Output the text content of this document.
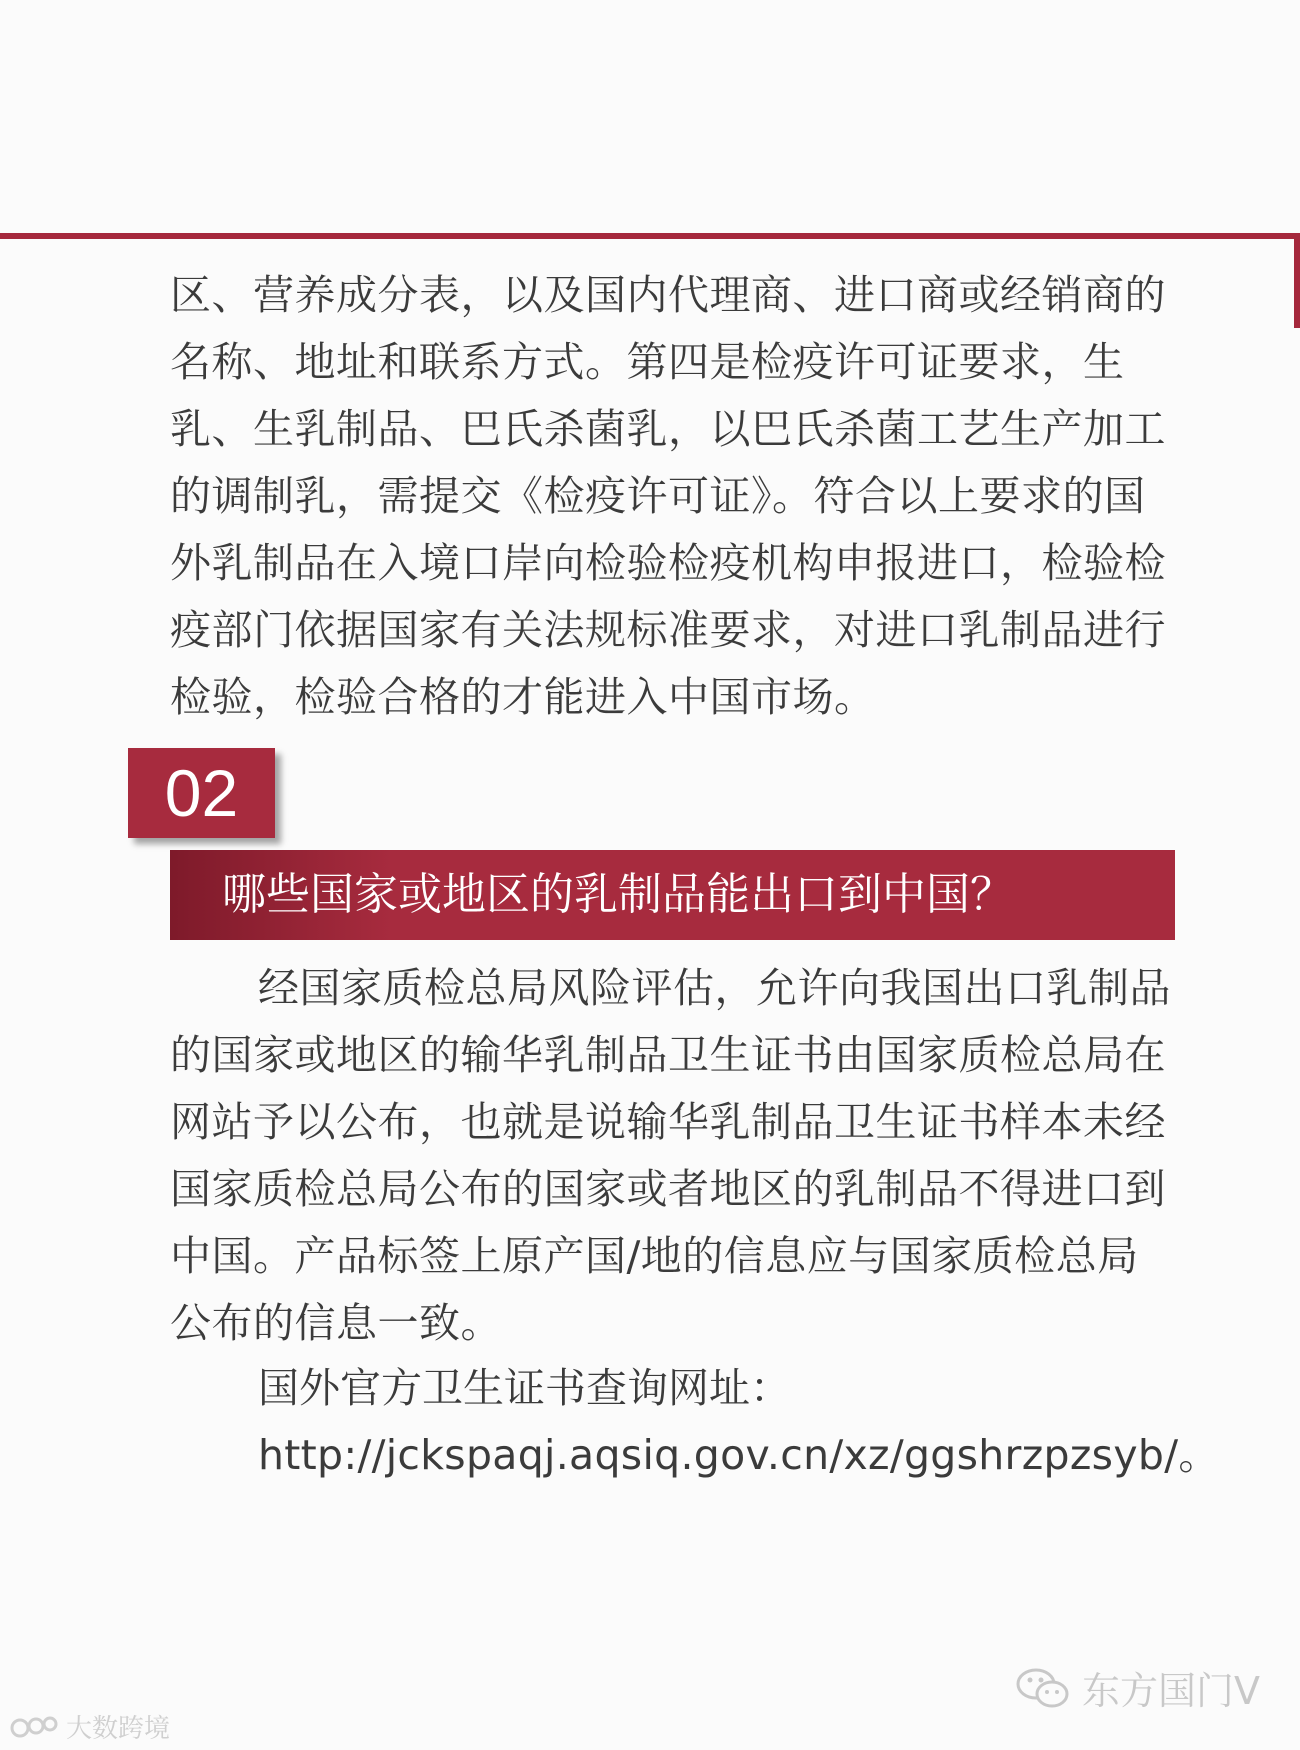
区、营养成分表，以及国内代理商、进口商或经销商的名称、地址和联系方式。第四是检疫许可证要求，生乳、生乳制品、巴氏杀菌乳，以巴氏杀菌工艺生产加工的调制乳，需提交《检疫许可证》。符合以上要求的国外乳制品在入境口岸向检验检疫机构申报进口，检验检疫部门依据国家有关法规标准要求，对进口乳制品进行检验，检验合格的才能进入中国市场。

02
哪些国家或地区的乳制品能出口到中国？

经国家质检总局风险评估，允许向我国出口乳制品的国家或地区的输华乳制品卫生证书由国家质检总局在网站予以公布，也就是说输华乳制品卫生证书样本未经国家质检总局公布的国家或者地区的乳制品不得进口到中国。产品标签上原产国/地的信息应与国家质检总局公布的信息一致。

国外官方卫生证书查询网址：
http://jckspaqj.aqsiq.gov.cn/xz/ggshrzpzsyb/。
东方国门V
大数跨境
